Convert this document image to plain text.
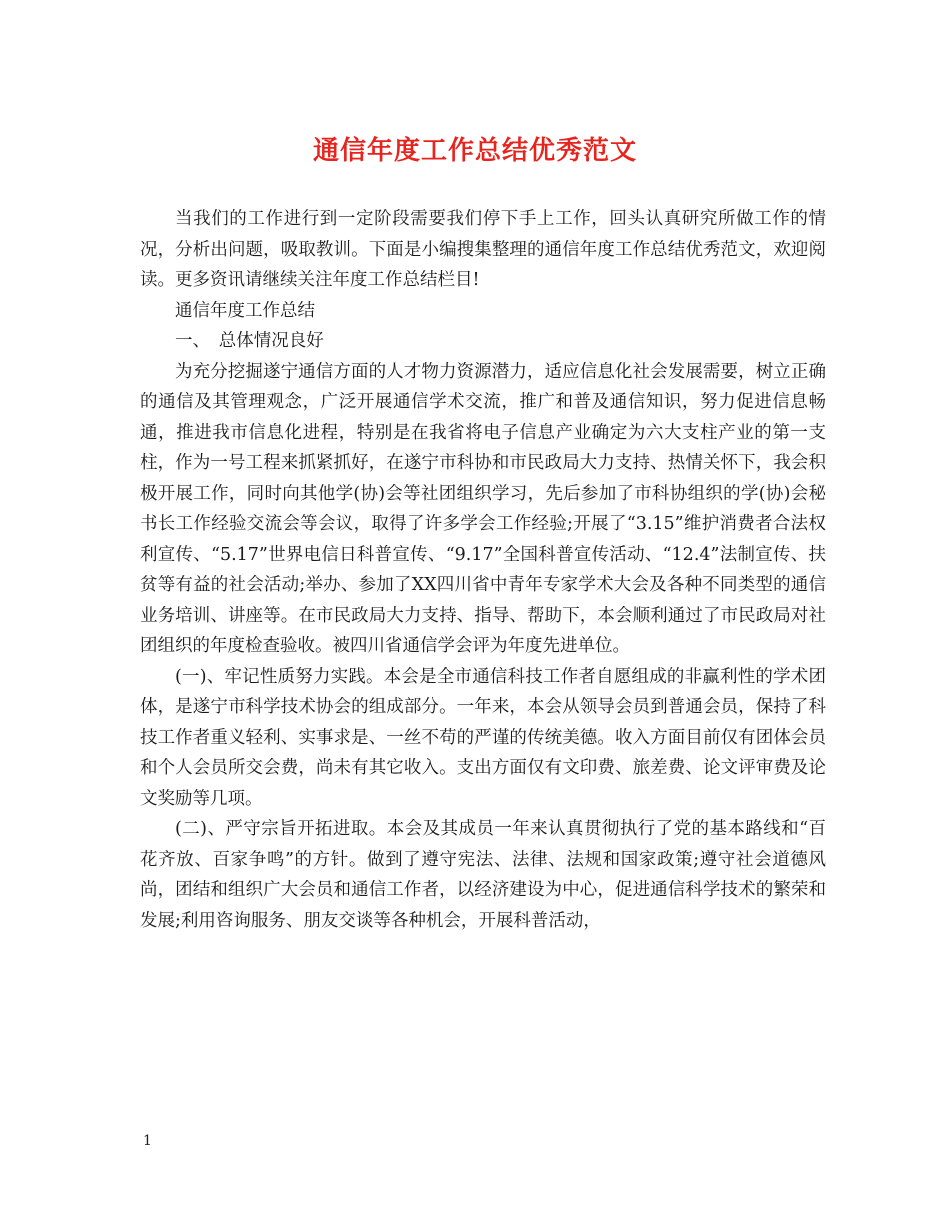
通信年度工作总结优秀范文

当我们的工作进行到一定阶段需要我们停下手上工作，回头认真研究所做工作的情况，分析出问题，吸取教训。下面是小编搜集整理的通信年度工作总结优秀范文，欢迎阅读。更多资讯请继续关注年度工作总结栏目!

通信年度工作总结

一、　总体情况良好

为充分挖掘遂宁通信方面的人才物力资源潜力，适应信息化社会发展需要，树立正确的通信及其管理观念，广泛开展通信学术交流，推广和普及通信知识，努力促进信息畅通，推进我市信息化进程，特别是在我省将电子信息产业确定为六大支柱产业的第一支柱，作为一号工程来抓紧抓好，在遂宁市科协和市民政局大力支持、热情关怀下，我会积极开展工作，同时向其他学(协)会等社团组织学习，先后参加了市科协组织的学(协)会秘书长工作经验交流会等会议，取得了许多学会工作经验;开展了“3.15”维护消费者合法权利宣传、“5.17”世界电信日科普宣传、“9.17”全国科普宣传活动、“12.4”法制宣传、扶贫等有益的社会活动;举办、参加了XX四川省中青年专家学术大会及各种不同类型的通信业务培训、讲座等。在市民政局大力支持、指导、帮助下，本会顺利通过了市民政局对社团组织的年度检查验收。被四川省通信学会评为年度先进单位。

(一)、牢记性质努力实践。本会是全市通信科技工作者自愿组成的非赢利性的学术团体，是遂宁市科学技术协会的组成部分。一年来，本会从领导会员到普通会员，保持了科技工作者重义轻利、实事求是、一丝不苟的严谨的传统美德。收入方面目前仅有团体会员和个人会员所交会费，尚未有其它收入。支出方面仅有文印费、旅差费、论文评审费及论文奖励等几项。

(二)、严守宗旨开拓进取。本会及其成员一年来认真贯彻执行了党的基本路线和“百花齐放、百家争鸣”的方针。做到了遵守宪法、法律、法规和国家政策;遵守社会道德风尚，团结和组织广大会员和通信工作者，以经济建设为中心，促进通信科学技术的繁荣和发展;利用咨询服务、朋友交谈等各种机会，开展科普活动，

1
